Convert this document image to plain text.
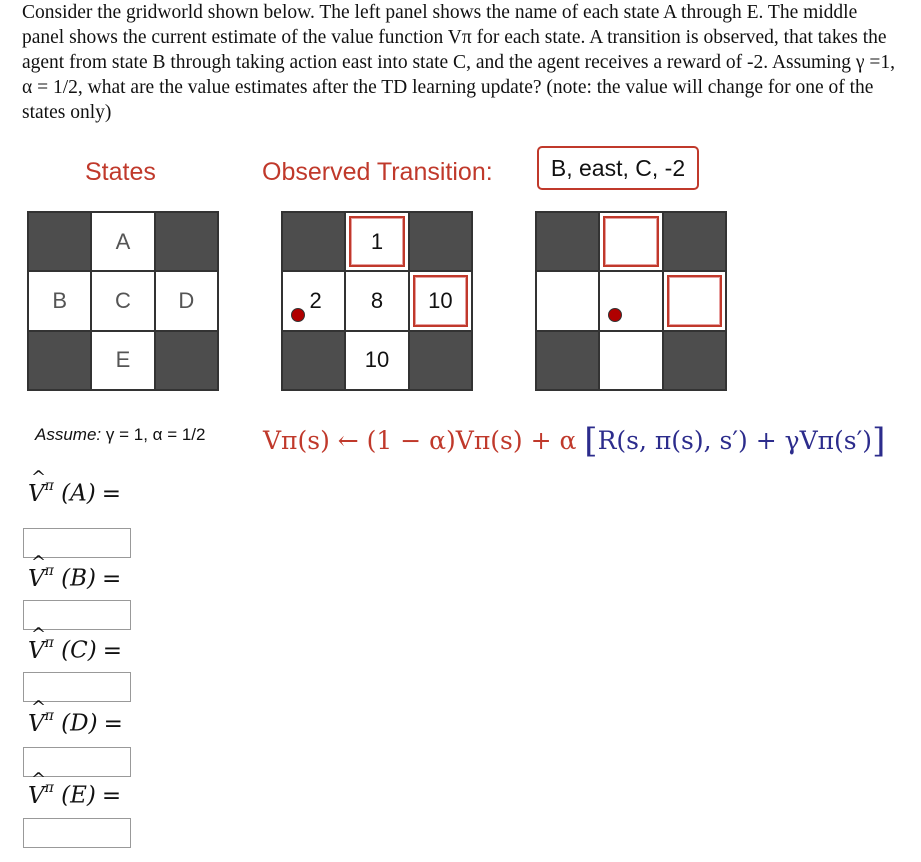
Consider the gridworld shown below. The left panel shows the name of each state A through E. The middle panel shows the current estimate of the value function Vπ for each state. A transition is observed, that takes the agent from state B through taking action east into state C, and the agent receives a reward of -2. Assuming γ =1, α = 1/2, what are the value estimates after the TD learning update? (note: the value will change for one of the states only)
States	Observed Transition:	B, east, C, -2
A
B	C	D
E
1
2 8 10
10
Assume: γ = 1, α = 1/2 Vπ(s) ← (1 − α)Vπ(s) + α [R(s, π(s), s′) + γVπ(s′)]
^ $V^\pi$ (A) =
^ $V^\pi$ (B) =
^ $V^\pi$ (C) =
^ $V^\pi$ (D) =
^ $V^\pi$ (E) =
